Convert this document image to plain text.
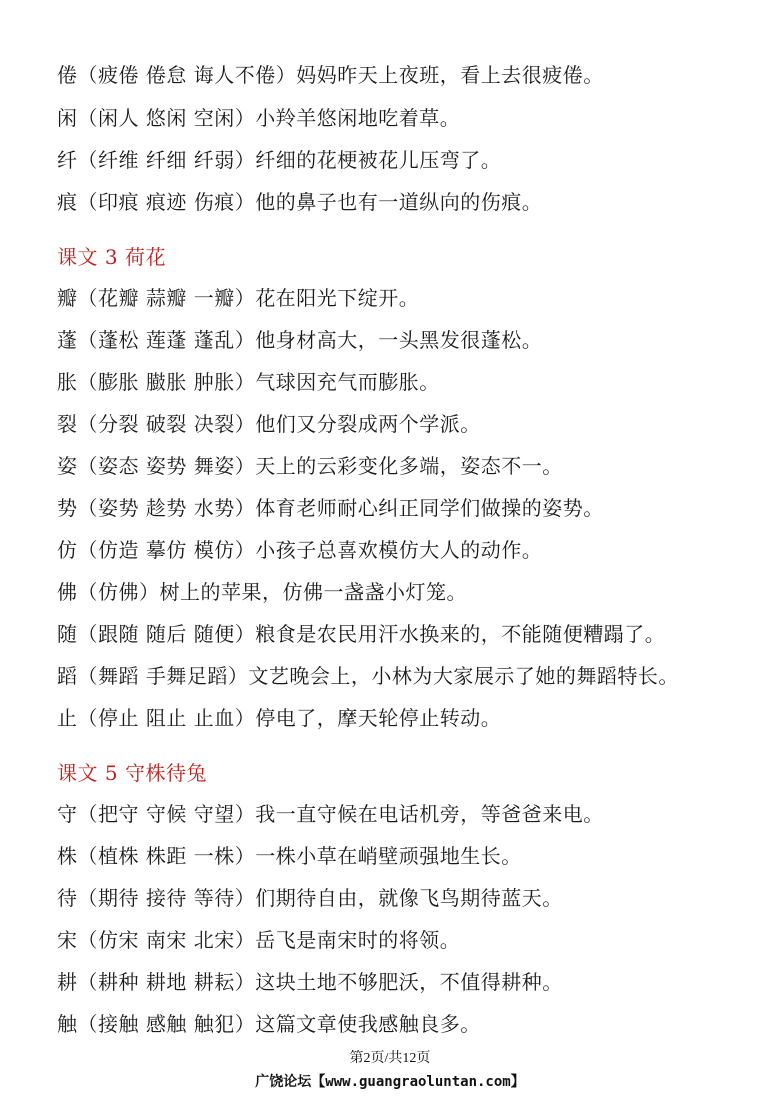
倦（疲倦 倦怠 诲人不倦）妈妈昨天上夜班，看上去很疲倦。
闲（闲人 悠闲 空闲）小羚羊悠闲地吃着草。
纤（纤维 纤细 纤弱）纤细的花梗被花儿压弯了。
痕（印痕 痕迹 伤痕）他的鼻子也有一道纵向的伤痕。
课文 3 荷花
瓣（花瓣 蒜瓣 一瓣）花在阳光下绽开。
蓬（蓬松 莲蓬 蓬乱）他身材高大，一头黑发很蓬松。
胀（膨胀 臌胀 肿胀）气球因充气而膨胀。
裂（分裂 破裂 决裂）他们又分裂成两个学派。
姿（姿态 姿势 舞姿）天上的云彩变化多端，姿态不一。
势（姿势 趁势 水势）体育老师耐心纠正同学们做操的姿势。
仿（仿造 摹仿 模仿）小孩子总喜欢模仿大人的动作。
佛（仿佛）树上的苹果，仿佛一盏盏小灯笼。
随（跟随 随后 随便）粮食是农民用汗水换来的，不能随便糟蹋了。
蹈（舞蹈 手舞足蹈）文艺晚会上，小林为大家展示了她的舞蹈特长。
止（停止 阻止 止血）停电了，摩天轮停止转动。
课文 5 守株待兔
守（把守 守候 守望）我一直守候在电话机旁，等爸爸来电。
株（植株 株距 一株）一株小草在峭壁顽强地生长。
待（期待 接待 等待）们期待自由，就像飞鸟期待蓝天。
宋（仿宋 南宋 北宋）岳飞是南宋时的将领。
耕（耕种 耕地 耕耘）这块土地不够肥沃，不值得耕种。
触（接触 感触 触犯）这篇文章使我感触良多。
第2页/共12页
广饶论坛【www.guangraoluntan.com】
